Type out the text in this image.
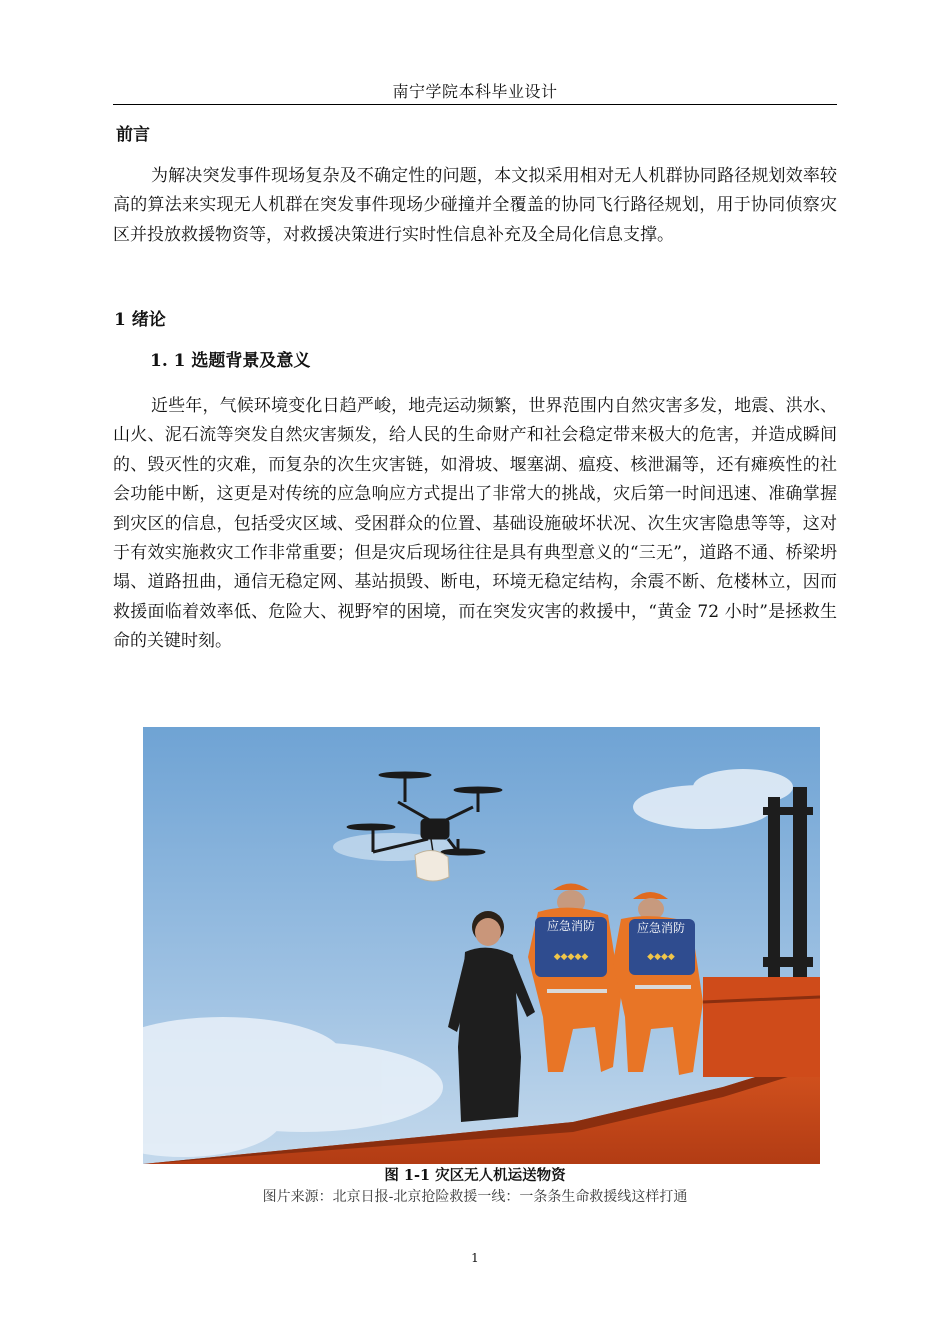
南宁学院本科毕业设计
前言

为解决突发事件现场复杂及不确定性的问题，本文拟采用相对无人机群协同路径规划效率较高的算法来实现无人机群在突发事件现场少碰撞并全覆盖的协同飞行路径规划，用于协同侦察灾区并投放救援物资等，对救援决策进行实时性信息补充及全局化信息支撑。

1 绪论
1. 1 选题背景及意义

近些年，气候环境变化日趋严峻，地壳运动频繁，世界范围内自然灾害多发，地震、洪水、山火、泥石流等突发自然灾害频发，给人民的生命财产和社会稳定带来极大的危害，并造成瞬间的、毁灭性的灾难，而复杂的次生灾害链，如滑坡、堰塞湖、瘟疫、核泄漏等，还有瘫痪性的社会功能中断，这更是对传统的应急响应方式提出了非常大的挑战，灾后第一时间迅速、准确掌握到灾区的信息，包括受灾区域、受困群众的位置、基础设施破坏状况、次生灾害隐患等等，这对于有效实施救灾工作非常重要；但是灾后现场往往是具有典型意义的“三无”，道路不通、桥梁坍塌、道路扭曲，通信无稳定网、基站损毁、断电，环境无稳定结构，余震不断、危楼林立，因而救援面临着效率低、危险大、视野窄的困境，而在突发灾害的救援中，“黄金 72 小时”是拯救生命的关键时刻。

应急消防
◆◆◆◆◆
应急消防
◆◆◆◆
图 1-1 灾区无人机运送物资
图片来源：北京日报-北京抢险救援一线：一条条生命救援线这样打通
1
